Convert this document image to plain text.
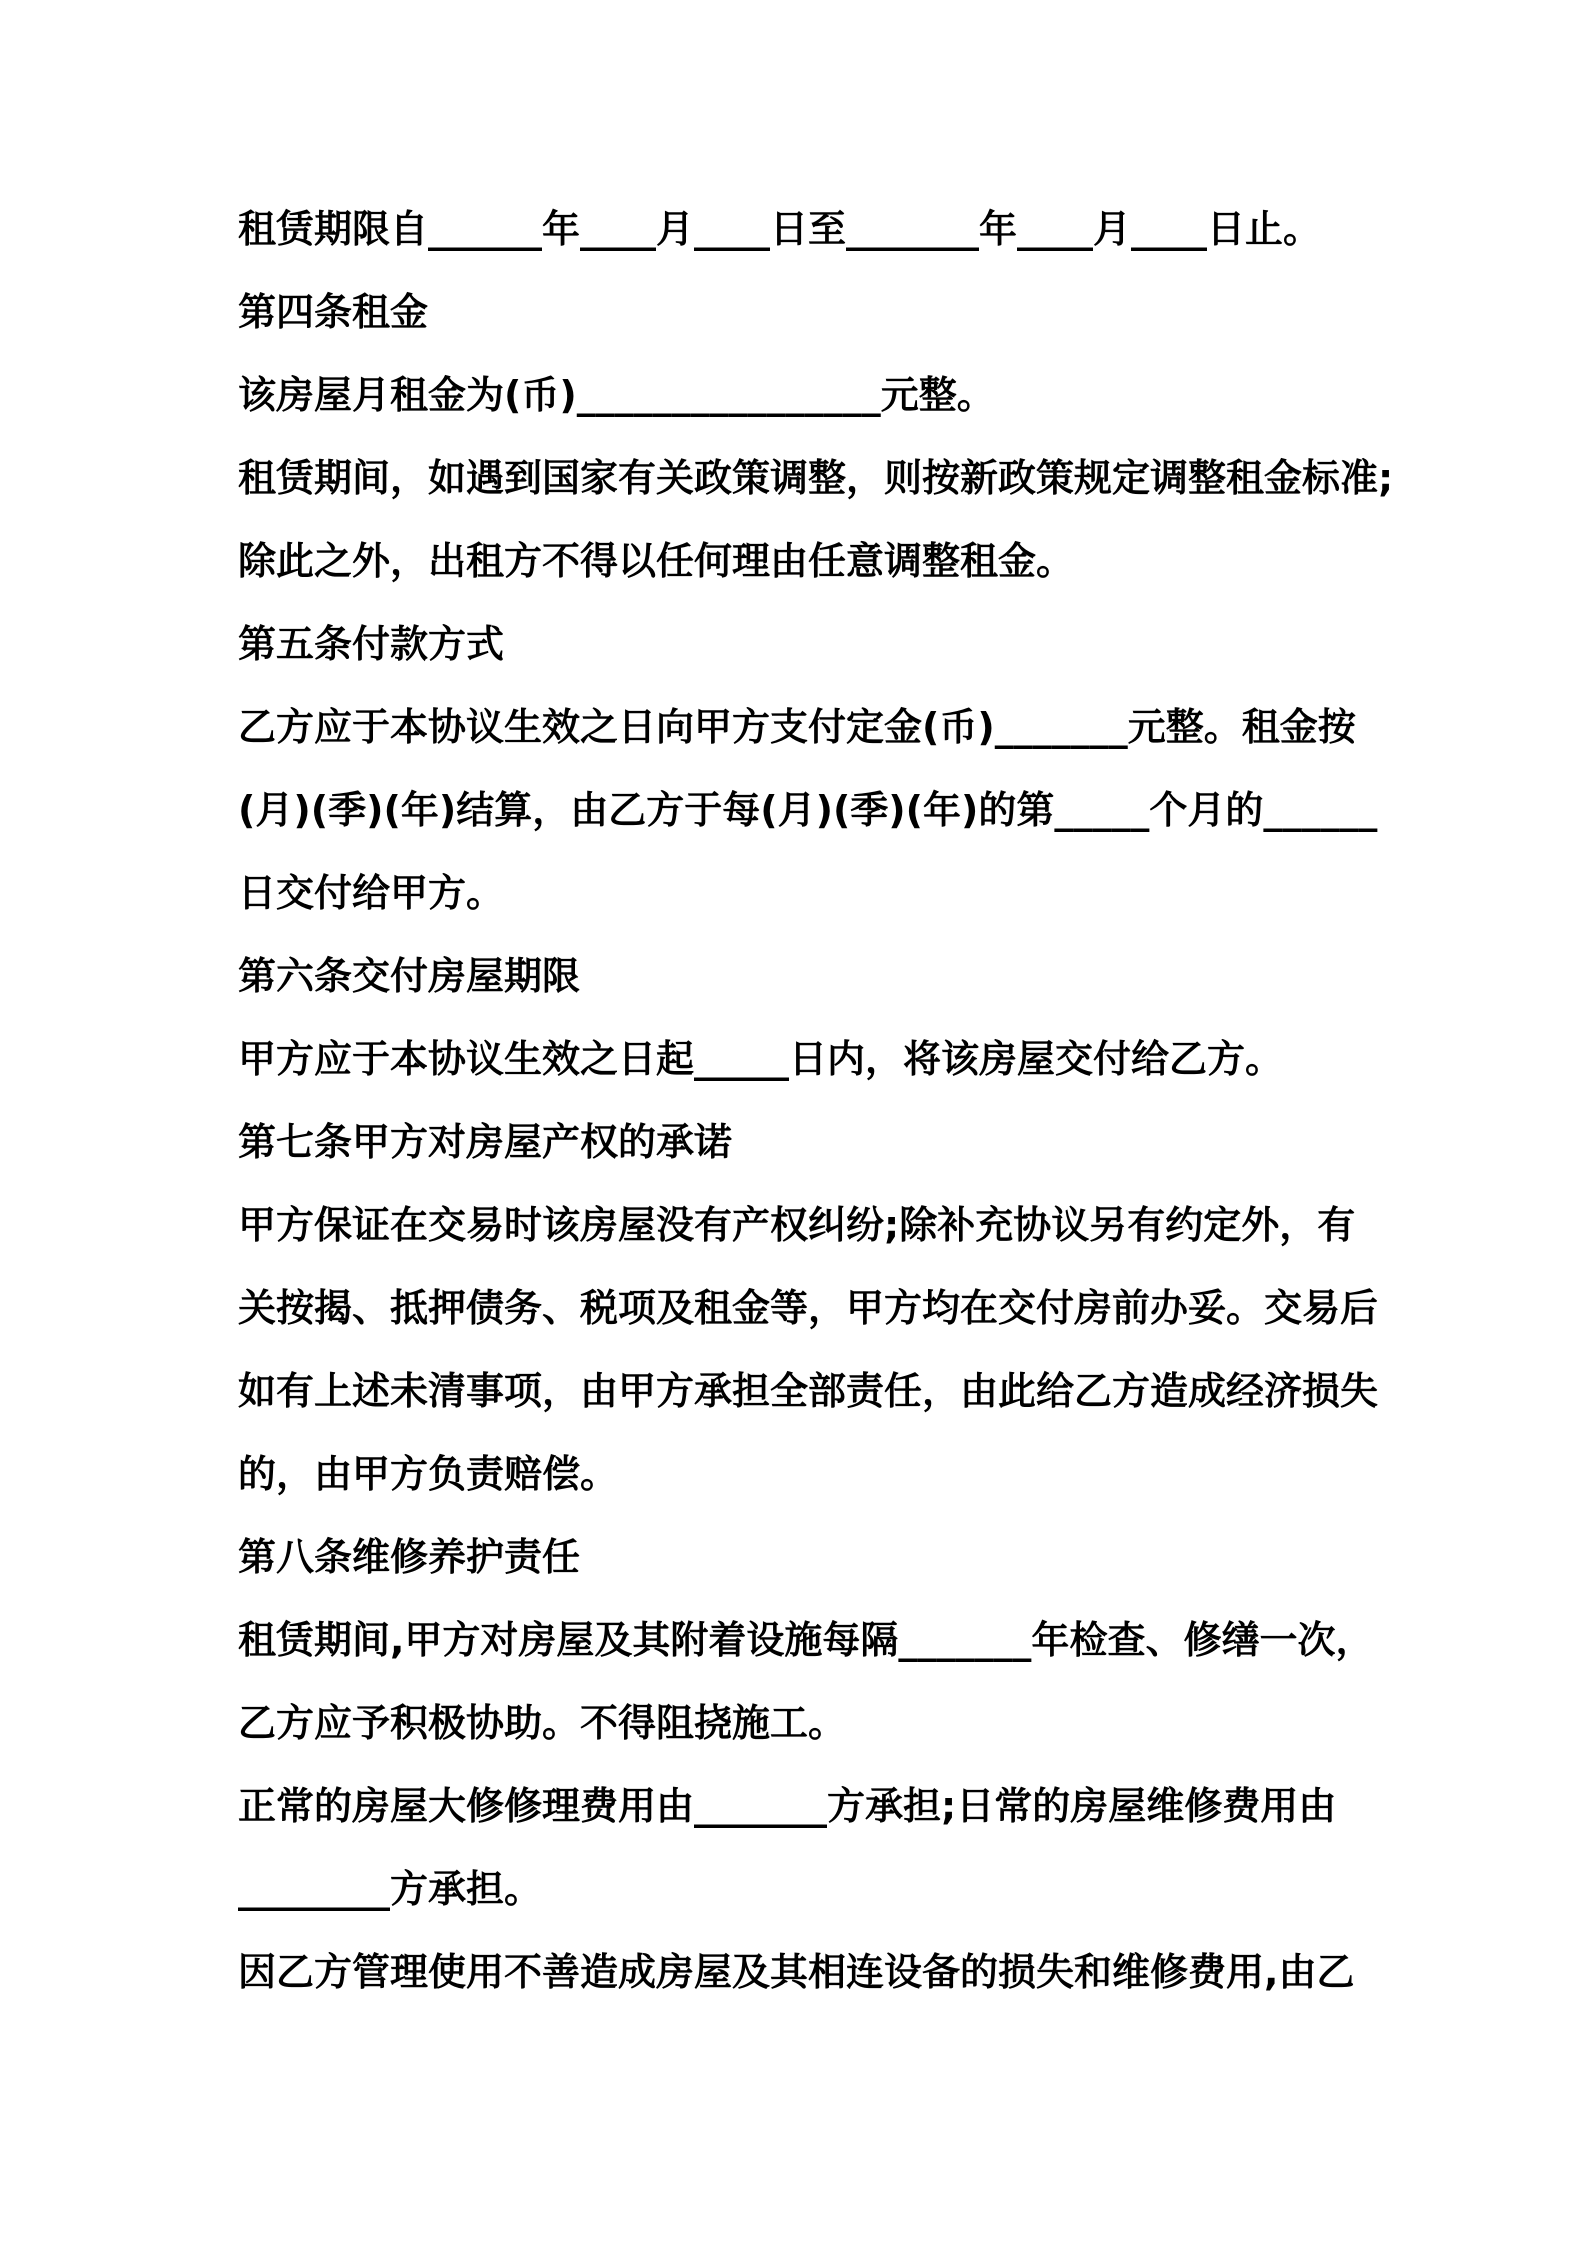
租赁期限自______年____月____日至_______年____月____日止。
第四条租金
该房屋月租金为(币)________________元整。
租赁期间，如遇到国家有关政策调整，则按新政策规定调整租金标准;
除此之外，出租方不得以任何理由任意调整租金。
第五条付款方式
乙方应于本协议生效之日向甲方支付定金(币)_______元整。租金按
(月)(季)(年)结算，由乙方于每(月)(季)(年)的第_____个月的______
日交付给甲方。
第六条交付房屋期限
甲方应于本协议生效之日起_____日内，将该房屋交付给乙方。
第七条甲方对房屋产权的承诺
甲方保证在交易时该房屋没有产权纠纷;除补充协议另有约定外，有
关按揭、抵押债务、税项及租金等，甲方均在交付房前办妥。交易后
如有上述未清事项，由甲方承担全部责任，由此给乙方造成经济损失
的，由甲方负责赔偿。
第八条维修养护责任
租赁期间,甲方对房屋及其附着设施每隔_______年检查、修缮一次，
乙方应予积极协助。不得阻挠施工。
正常的房屋大修修理费用由_______方承担;日常的房屋维修费用由
________方承担。
因乙方管理使用不善造成房屋及其相连设备的损失和维修费用,由乙
